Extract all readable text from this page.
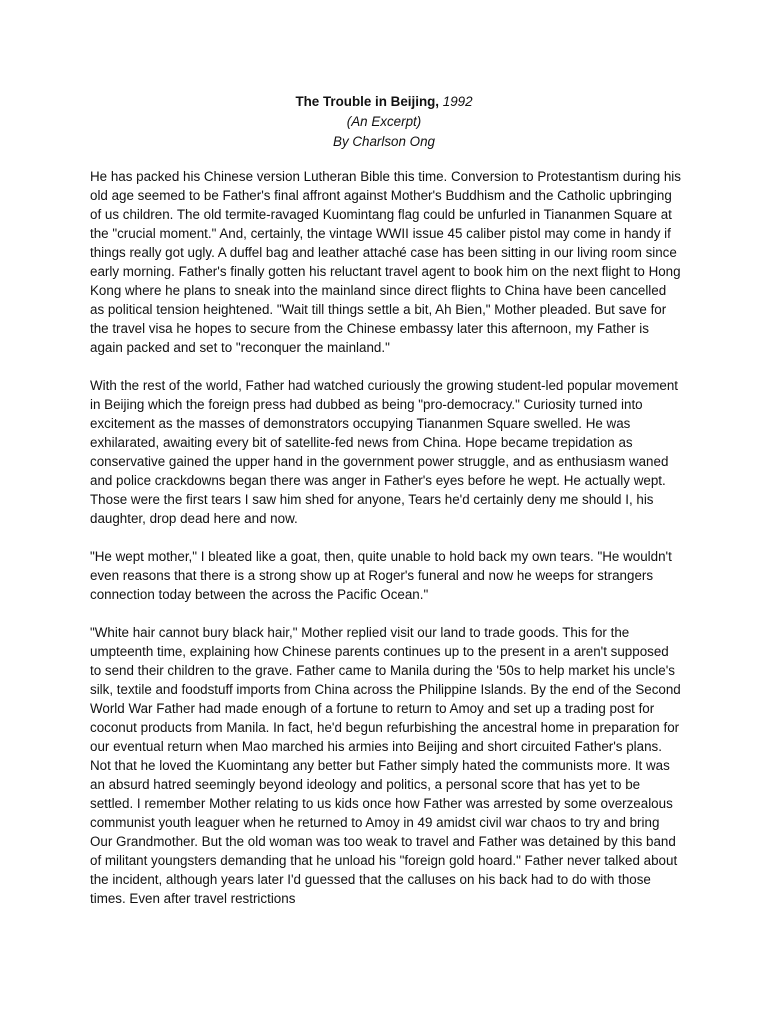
The Trouble in Beijing, 1992
(An Excerpt)
By Charlson Ong

He has packed his Chinese version Lutheran Bible this time. Conversion to Protestantism during his old age seemed to be Father's final affront against Mother's Buddhism and the Catholic upbringing of us children. The old termite-ravaged Kuomintang flag could be unfurled in Tiananmen Square at the "crucial moment." And, certainly, the vintage WWII issue 45 caliber pistol may come in handy if things really got ugly. A duffel bag and leather attaché case has been sitting in our living room since early morning. Father's finally gotten his reluctant travel agent to book him on the next flight to Hong Kong where he plans to sneak into the mainland since direct flights to China have been cancelled as political tension heightened. "Wait till things settle a bit, Ah Bien," Mother pleaded. But save for the travel visa he hopes to secure from the Chinese embassy later this afternoon, my Father is again packed and set to "reconquer the mainland."

With the rest of the world, Father had watched curiously the growing student-led popular movement in Beijing which the foreign press had dubbed as being "pro-democracy." Curiosity turned into excitement as the masses of demonstrators occupying Tiananmen Square swelled. He was exhilarated, awaiting every bit of satellite-fed news from China. Hope became trepidation as conservative gained the upper hand in the government power struggle, and as enthusiasm waned and police crackdowns began there was anger in Father's eyes before he wept. He actually wept. Those were the first tears I saw him shed for anyone, Tears he'd certainly deny me should I, his daughter, drop dead here and now.

"He wept mother," I bleated like a goat, then, quite unable to hold back my own tears. "He wouldn't even reasons that there is a strong show up at Roger's funeral and now he weeps for strangers connection today between the across the Pacific Ocean."

"White hair cannot bury black hair," Mother replied visit our land to trade goods. This for the umpteenth time, explaining how Chinese parents continues up to the present in a aren't supposed to send their children to the grave. Father came to Manila during the '50s to help market his uncle's silk, textile and foodstuff imports from China across the Philippine Islands. By the end of the Second World War Father had made enough of a fortune to return to Amoy and set up a trading post for coconut products from Manila. In fact, he'd begun refurbishing the ancestral home in preparation for our eventual return when Mao marched his armies into Beijing and short circuited Father's plans. Not that he loved the Kuomintang any better but Father simply hated the communists more. It was an absurd hatred seemingly beyond ideology and politics, a personal score that has yet to be settled. I remember Mother relating to us kids once how Father was arrested by some overzealous communist youth leaguer when he returned to Amoy in 49 amidst civil war chaos to try and bring Our Grandmother. But the old woman was too weak to travel and Father was detained by this band of militant youngsters demanding that he unload his "foreign gold hoard." Father never talked about the incident, although years later I'd guessed that the calluses on his back had to do with those times. Even after travel restrictions
